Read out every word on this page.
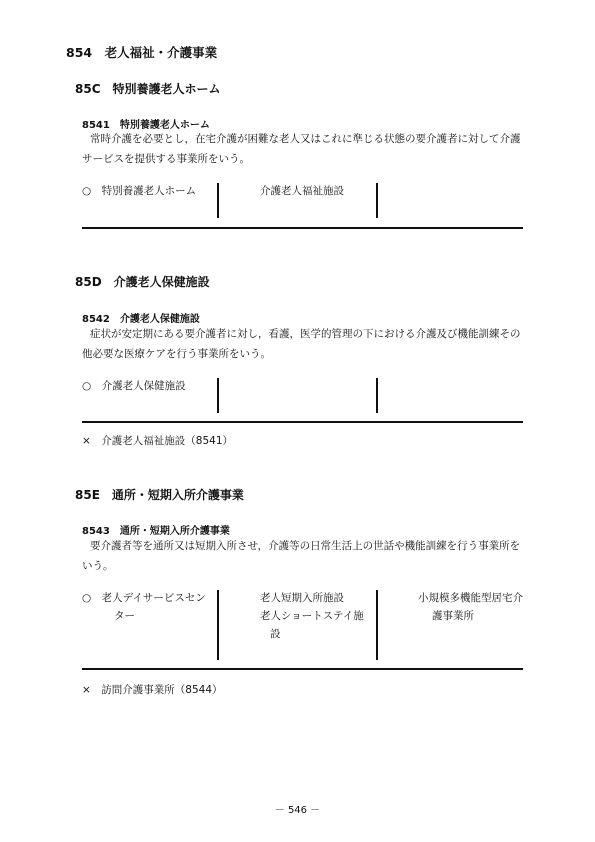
854　老人福祉・介護事業
85C　特別養護老人ホーム
8541　特別養護老人ホーム
常時介護を必要とし，在宅介護が困難な老人又はこれに準じる状態の要介護者に対して介護
サービスを提供する事業所をいう。
○　特別養護老人ホーム	介護老人福祉施設
85D　介護老人保健施設
8542　介護老人保健施設
症状が安定期にある要介護者に対し，看護，医学的管理の下における介護及び機能訓練その
他必要な医療ケアを行う事業所をいう。
○　介護老人保健施設
×　介護老人福祉施設（8541）
85E　通所・短期入所介護事業
8543　通所・短期入所介護事業
要介護者等を通所又は短期入所させ，介護等の日常生活上の世話や機能訓練を行う事業所を
いう。
○　老人デイサービスセン
ター
老人短期入所施設
老人ショートステイ施
設
小規模多機能型居宅介
護事業所
×　訪問介護事業所（8544）
－ 546 －
